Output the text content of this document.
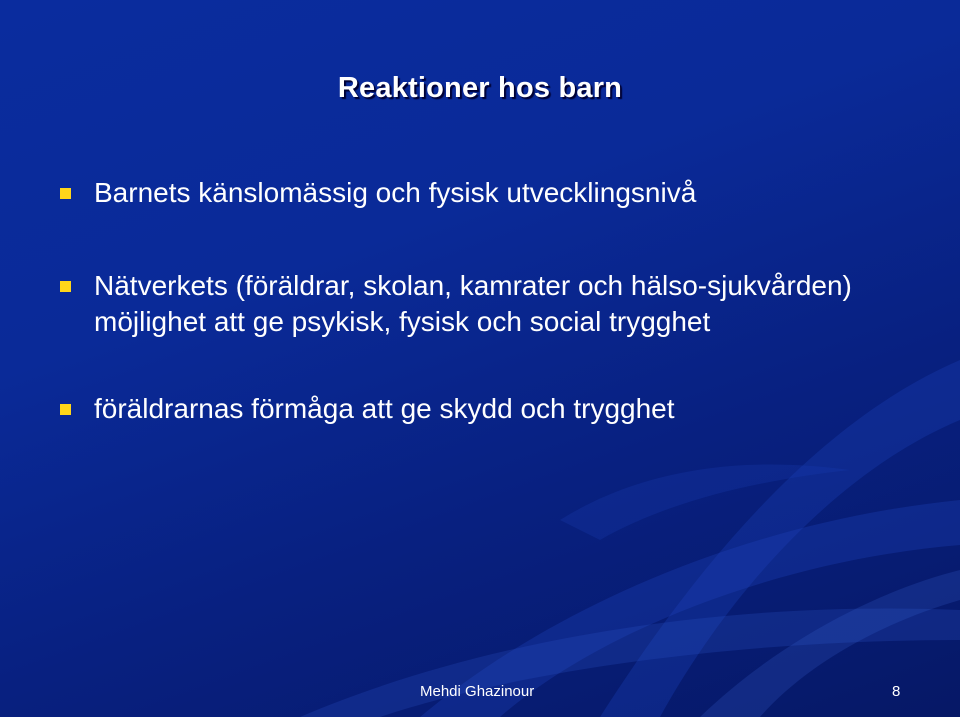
Reaktioner hos barn
Barnets känslomässig och fysisk utvecklingsnivå
Nätverkets (föräldrar, skolan, kamrater och hälso-sjukvården) möjlighet att ge psykisk, fysisk och social trygghet
föräldrarnas förmåga att ge skydd och trygghet
Mehdi Ghazinour	8
